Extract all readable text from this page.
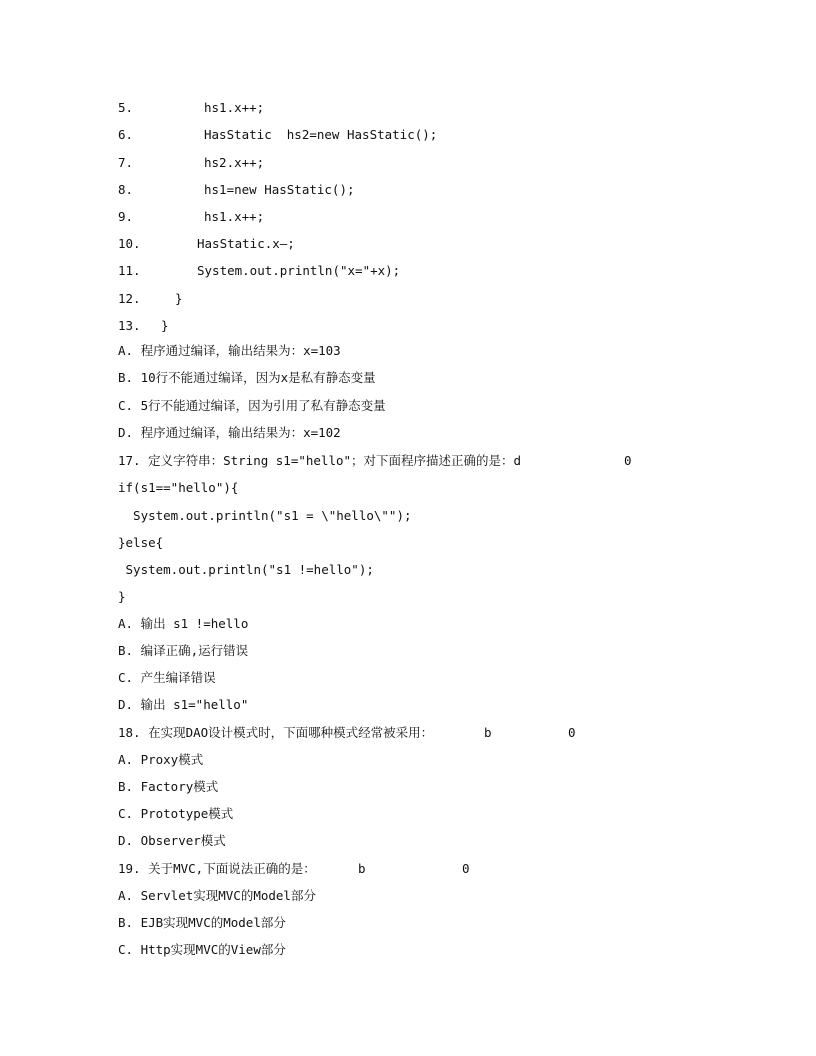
5.	hs1.x++;
6.	HasStatic  hs2=new HasStatic();
7.	hs2.x++;
8.	hs1=new HasStatic();
9.	hs1.x++;
10.	HasStatic.x—;
11.	System.out.println("x="+x);
12.	}
13. }
A. 程序通过编译，输出结果为：x=103
B. 10行不能通过编译，因为x是私有静态变量
C. 5行不能通过编译，因为引用了私有静态变量
D. 程序通过编译，输出结果为：x=102
17. 定义字符串：String s1="hello"；对下面程序描述正确的是：d	0
if(s1=="hello"){
System.out.println("s1 = \"hello\"");
}else{
System.out.println("s1 !=hello");
}
A. 输出 s1 !=hello
B. 编译正确,运行错误
C. 产生编译错误
D. 输出 s1="hello"
18. 在实现DAO设计模式时，下面哪种模式经常被采用：	b	0
A. Proxy模式
B. Factory模式
C. Prototype模式
D. Observer模式
19. 关于MVC,下面说法正确的是：	b	0
A. Servlet实现MVC的Model部分
B. EJB实现MVC的Model部分
C. Http实现MVC的View部分
